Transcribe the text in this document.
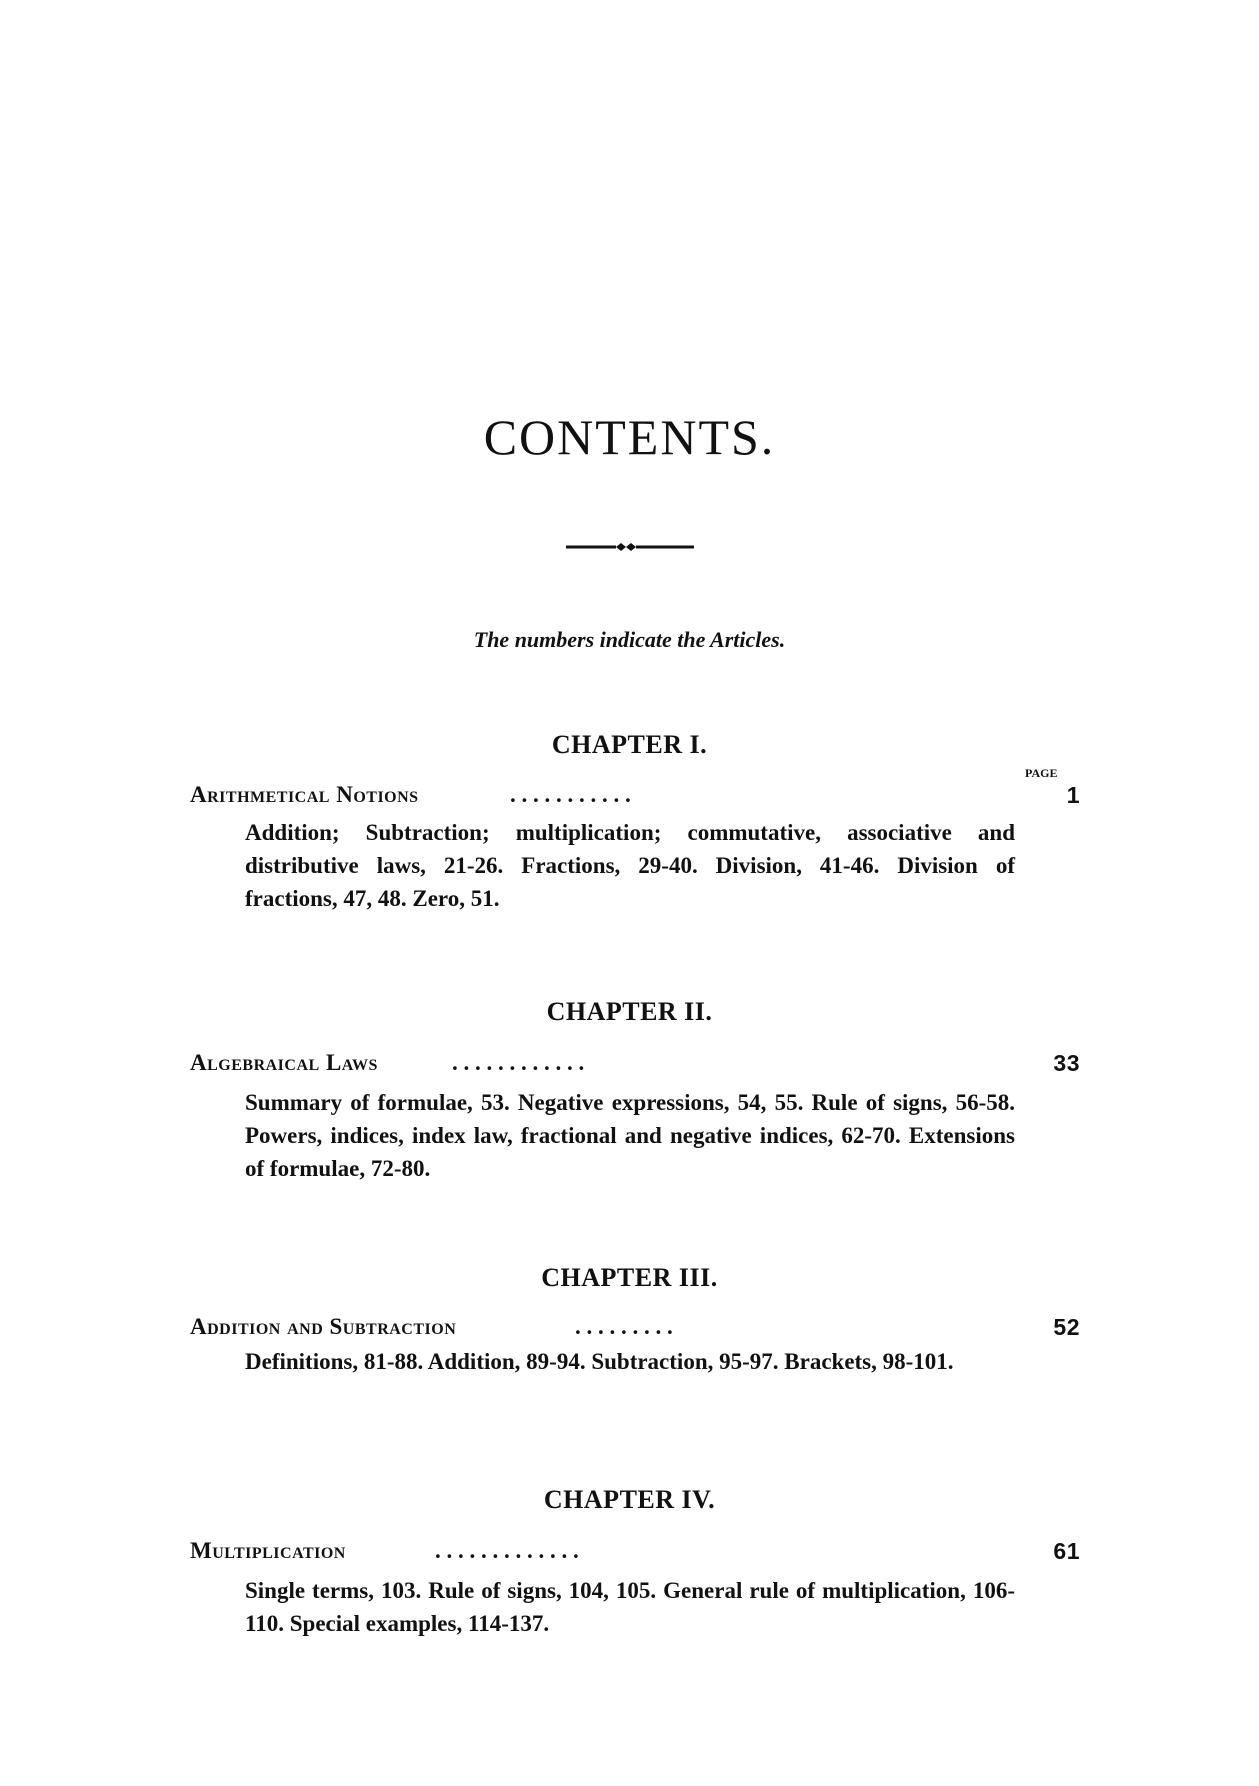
CONTENTS.
The numbers indicate the Articles.
CHAPTER I.
PAGE
Arithmetical Notions	. . . . . . . . . . .	1
Addition; Subtraction; multiplication; commutative, associative and distributive laws, 21-26. Fractions, 29-40. Division, 41-46. Division of fractions, 47, 48. Zero, 51.
CHAPTER II.
Algebraical Laws	. . . . . . . . . . . .	33
Summary of formulae, 53. Negative expressions, 54, 55. Rule of signs, 56-58. Powers, indices, index law, fractional and negative indices, 62-70. Extensions of formulae, 72-80.
CHAPTER III.
Addition and Subtraction	. . . . . . . . .	52
Definitions, 81-88. Addition, 89-94. Subtraction, 95-97. Brackets, 98-101.
CHAPTER IV.
Multiplication	. . . . . . . . . . . . .	61
Single terms, 103. Rule of signs, 104, 105. General rule of multiplication, 106-110. Special examples, 114-137.
